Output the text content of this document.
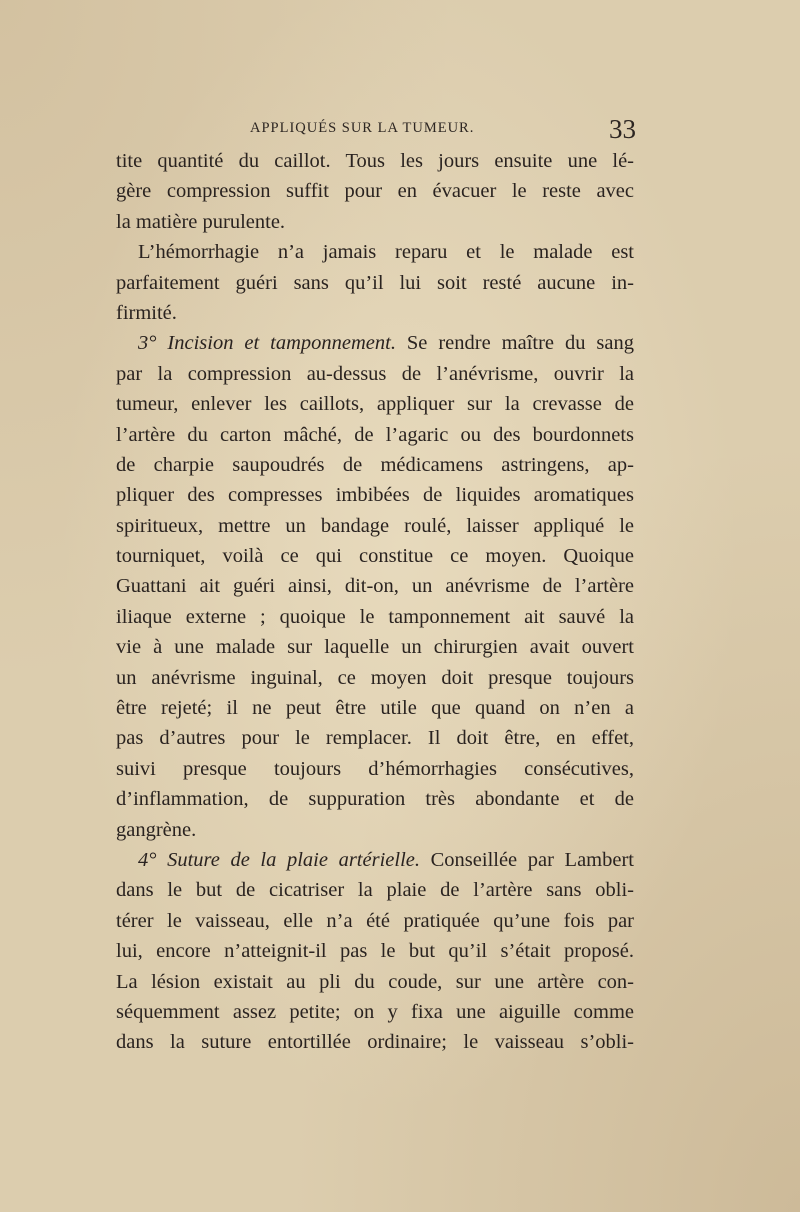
APPLIQUÉS SUR LA TUMEUR.	33
tite quantité du caillot. Tous les jours ensuite une lé-
gère compression suffit pour en évacuer le reste avec
la matière purulente.
L’hémorrhagie n’a jamais reparu et le malade est
parfaitement guéri sans qu’il lui soit resté aucune in-
firmité.
3° Incision et tamponnement. Se rendre maître du sang
par la compression au-dessus de l’anévrisme, ouvrir la
tumeur, enlever les caillots, appliquer sur la crevasse de
l’artère du carton mâché, de l’agaric ou des bourdonnets
de charpie saupoudrés de médicamens astringens, ap-
pliquer des compresses imbibées de liquides aromatiques
spiritueux, mettre un bandage roulé, laisser appliqué le
tourniquet, voilà ce qui constitue ce moyen. Quoique
Guattani ait guéri ainsi, dit-on, un anévrisme de l’artère
iliaque externe ; quoique le tamponnement ait sauvé la
vie à une malade sur laquelle un chirurgien avait ouvert
un anévrisme inguinal, ce moyen doit presque toujours
être rejeté; il ne peut être utile que quand on n’en a
pas d’autres pour le remplacer. Il doit être, en effet,
suivi presque toujours d’hémorrhagies consécutives,
d’inflammation, de suppuration très abondante et de
gangrène.
4° Suture de la plaie artérielle. Conseillée par Lambert
dans le but de cicatriser la plaie de l’artère sans obli-
térer le vaisseau, elle n’a été pratiquée qu’une fois par
lui, encore n’atteignit-il pas le but qu’il s’était proposé.
La lésion existait au pli du coude, sur une artère con-
séquemment assez petite; on y fixa une aiguille comme
dans la suture entortillée ordinaire; le vaisseau s’obli-
